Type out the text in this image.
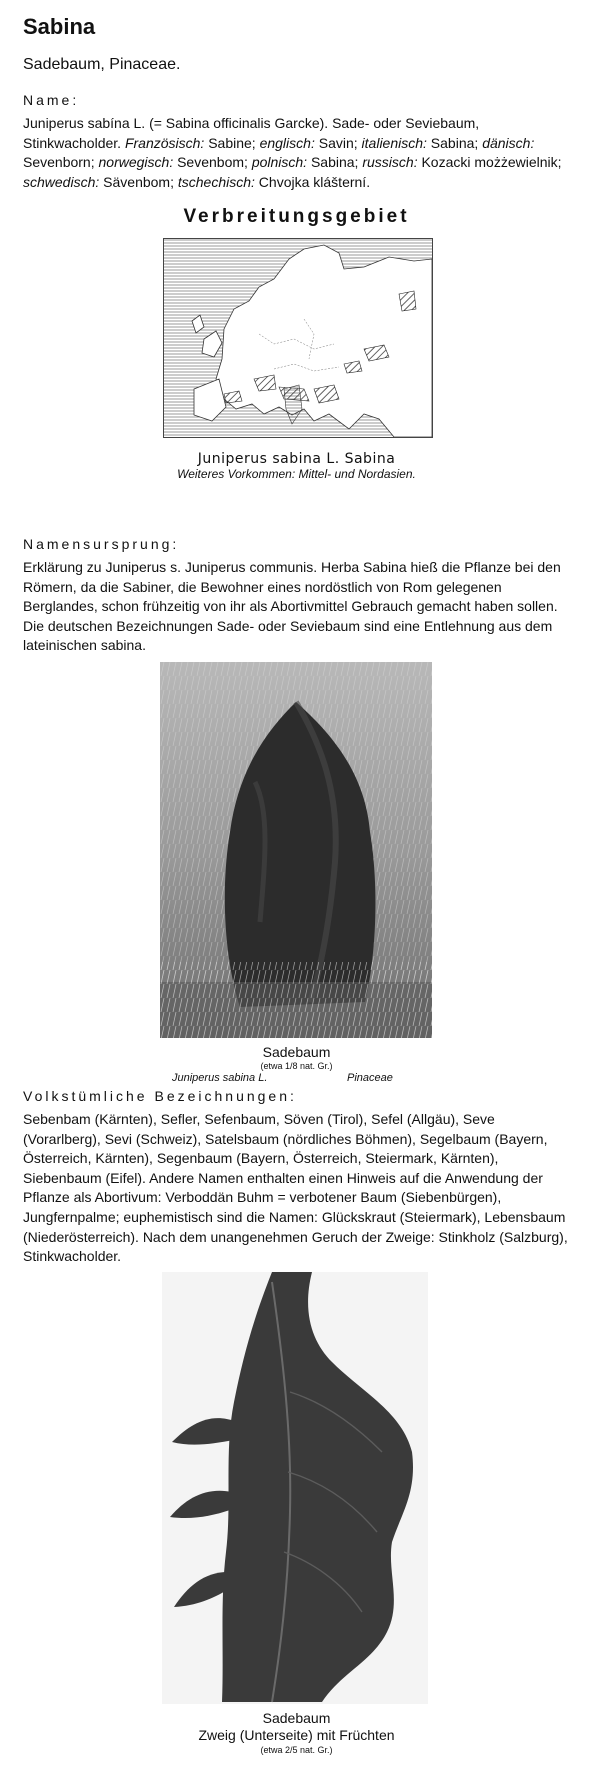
Sabina
Sadebaum, Pinaceae.
Name:
Juniperus sabína L. (= Sabina officinalis Garcke). Sade- oder Seviebaum, Stinkwacholder. Französisch: Sabine; englisch: Savin; italienisch: Sabina; dänisch: Sevenborn; norwegisch: Sevenbom; polnisch: Sabina; russisch: Kozacki możżewielnik; schwedisch: Sävenbom; tschechisch: Chvojka klášterní.
Verbreitungsgebiet
Juniperus sabina L. Sabina
Weiteres Vorkommen: Mittel- und Nordasien.
Namensursprung:
Erklärung zu Juniperus s. Juniperus communis. Herba Sabina hieß die Pflanze bei den Römern, da die Sabiner, die Bewohner eines nordöstlich von Rom gelegenen Berglandes, schon frühzeitig von ihr als Abortivmittel Gebrauch gemacht haben sollen. Die deutschen Bezeichnungen Sade- oder Seviebaum sind eine Entlehnung aus dem lateinischen sabina.
Sadebaum
(etwa 1/8 nat. Gr.)
Juniperus sabina L.	Pinaceae
Volkstümliche Bezeichnungen:
Sebenbam (Kärnten), Sefler, Sefenbaum, Söven (Tirol), Sefel (Allgäu), Seve (Vorarlberg), Sevi (Schweiz), Satelsbaum (nördliches Böhmen), Segelbaum (Bayern, Österreich, Kärnten), Segenbaum (Bayern, Österreich, Steiermark, Kärnten), Siebenbaum (Eifel). Andere Namen enthalten einen Hinweis auf die Anwendung der Pflanze als Abortivum: Verboddän Buhm = verbotener Baum (Siebenbürgen), Jungfernpalme; euphemistisch sind die Namen: Glückskraut (Steiermark), Lebensbaum (Niederösterreich). Nach dem unangenehmen Geruch der Zweige: Stinkholz (Salzburg), Stinkwacholder.
Sadebaum
Zweig (Unterseite) mit Früchten
(etwa 2/5 nat. Gr.)
